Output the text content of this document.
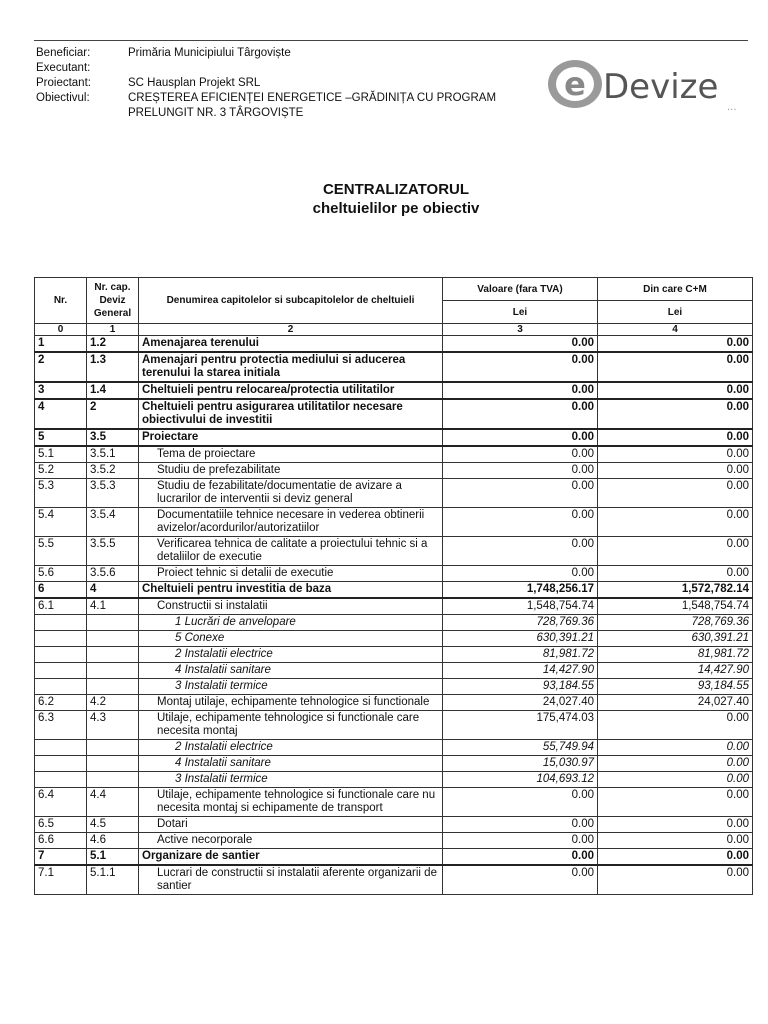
Beneficiar:	Primăria Municipiului Târgoviște
Executant:
Proiectant:	SC Hausplan Projekt SRL
Obiectivul:	CREȘTEREA EFICIENȚEI ENERGETICE –GRĂDINIȚA CU PROGRAM
PRELUNGIT NR. 3 TÂRGOVIȘTE
e Devize
...
CENTRALIZATORUL
cheltuielilor pe obiectiv
Nr.	Nr. cap. Deviz General	Denumirea capitolelor si subcapitolelor de cheltuieli	Valoare (fara TVA)	Din care C+M
			Lei	Lei
0	1	2	3	4
1	1.2	Amenajarea terenului	0.00	0.00
2	1.3	Amenajari pentru protectia mediului si aducerea terenului la starea initiala	0.00	0.00
3	1.4	Cheltuieli pentru relocarea/protectia utilitatilor	0.00	0.00
4	2	Cheltuieli pentru asigurarea utilitatilor necesare obiectivului de investitii	0.00	0.00
5	3.5	Proiectare	0.00	0.00
5.1	3.5.1	Tema de proiectare	0.00	0.00
5.2	3.5.2	Studiu de prefezabilitate	0.00	0.00
5.3	3.5.3	Studiu de fezabilitate/documentatie de avizare a lucrarilor de interventii si deviz general	0.00	0.00
5.4	3.5.4	Documentatiile tehnice necesare in vederea obtinerii avizelor/acordurilor/autorizatiilor	0.00	0.00
5.5	3.5.5	Verificarea tehnica de calitate a proiectului tehnic si a detaliilor de executie	0.00	0.00
5.6	3.5.6	Proiect tehnic si detalii de executie	0.00	0.00
6	4	Cheltuieli pentru investitia de baza	1,748,256.17	1,572,782.14
6.1	4.1	Constructii si instalatii	1,548,754.74	1,548,754.74
		1 Lucrări de anvelopare	728,769.36	728,769.36
		5 Conexe	630,391.21	630,391.21
		2 Instalatii electrice	81,981.72	81,981.72
		4 Instalatii sanitare	14,427.90	14,427.90
		3 Instalatii termice	93,184.55	93,184.55
6.2	4.2	Montaj utilaje, echipamente tehnologice si functionale	24,027.40	24,027.40
6.3	4.3	Utilaje, echipamente tehnologice si functionale care necesita montaj	175,474.03	0.00
		2 Instalatii electrice	55,749.94	0.00
		4 Instalatii sanitare	15,030.97	0.00
		3 Instalatii termice	104,693.12	0.00
6.4	4.4	Utilaje, echipamente tehnologice si functionale care nu necesita montaj si echipamente de transport	0.00	0.00
6.5	4.5	Dotari	0.00	0.00
6.6	4.6	Active necorporale	0.00	0.00
7	5.1	Organizare de santier	0.00	0.00
7.1	5.1.1	Lucrari de constructii si instalatii aferente organizarii de santier	0.00	0.00
